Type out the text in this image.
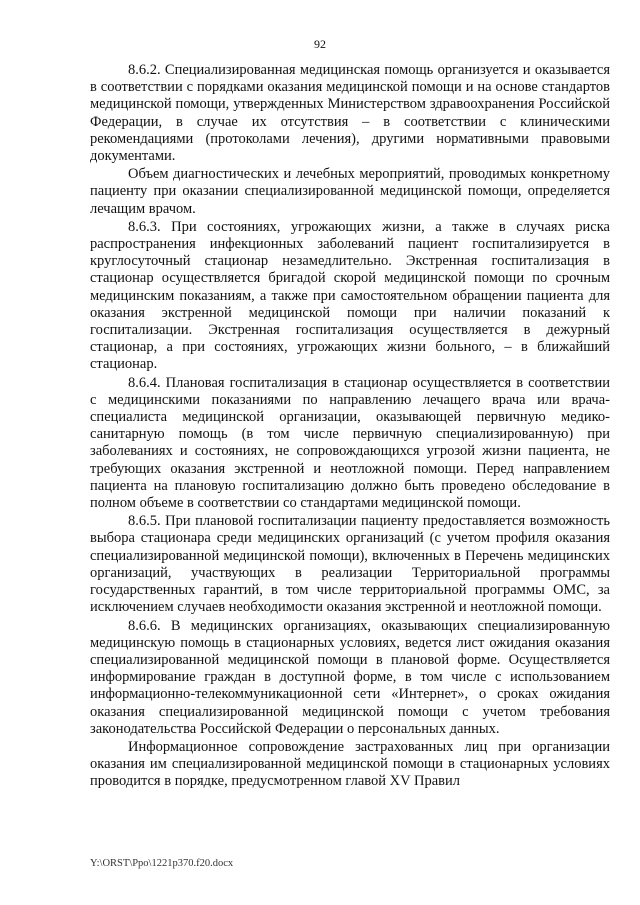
92

8.6.2. Специализированная медицинская помощь организуется и оказывается в соответствии с порядками оказания медицинской помощи и на основе стандартов медицинской помощи, утвержденных Министерством здравоохранения Российской Федерации, в случае их отсутствия – в соответствии с клиническими рекомендациями (протоколами лечения), другими нормативными правовыми документами.

Объем диагностических и лечебных мероприятий, проводимых конкретному пациенту при оказании специализированной медицинской помощи, определяется лечащим врачом.

8.6.3. При состояниях, угрожающих жизни, а также в случаях риска распространения инфекционных заболеваний пациент госпитализируется в круглосуточный стационар незамедлительно. Экстренная госпитализация в стационар осуществляется бригадой скорой медицинской помощи по срочным медицинским показаниям, а также при самостоятельном обращении пациента для оказания экстренной медицинской помощи при наличии показаний к госпитализации. Экстренная госпитализация осуществляется в дежурный стационар, а при состояниях, угрожающих жизни больного, – в ближайший стационар.

8.6.4. Плановая госпитализация в стационар осуществляется в соответствии с медицинскими показаниями по направлению лечащего врача или врача-специалиста медицинской организации, оказывающей первичную медико-санитарную помощь (в том числе первичную специализированную) при заболеваниях и состояниях, не сопровождающихся угрозой жизни пациента, не требующих оказания экстренной и неотложной помощи. Перед направлением пациента на плановую госпитализацию должно быть проведено обследование в полном объеме в соответствии со стандартами медицинской помощи.

8.6.5. При плановой госпитализации пациенту предоставляется возможность выбора стационара среди медицинских организаций (с учетом профиля оказания специализированной медицинской помощи), включенных в Перечень медицинских организаций, участвующих в реализации Территориальной программы государственных гарантий, в том числе территориальной программы ОМС, за исключением случаев необходимости оказания экстренной и неотложной помощи.

8.6.6. В медицинских организациях, оказывающих специализированную медицинскую помощь в стационарных условиях, ведется лист ожидания оказания специализированной медицинской помощи в плановой форме. Осуществляется информирование граждан в доступной форме, в том числе с использованием информационно-телекоммуникационной сети «Интернет», о сроках ожидания оказания специализированной медицинской помощи с учетом требования законодательства Российской Федерации о персональных данных.

Информационное сопровождение застрахованных лиц при организации оказания им специализированной медицинской помощи в стационарных условиях проводится в порядке, предусмотренном главой XV Правил

Y:\ORST\Ppo\1221p370.f20.docx
